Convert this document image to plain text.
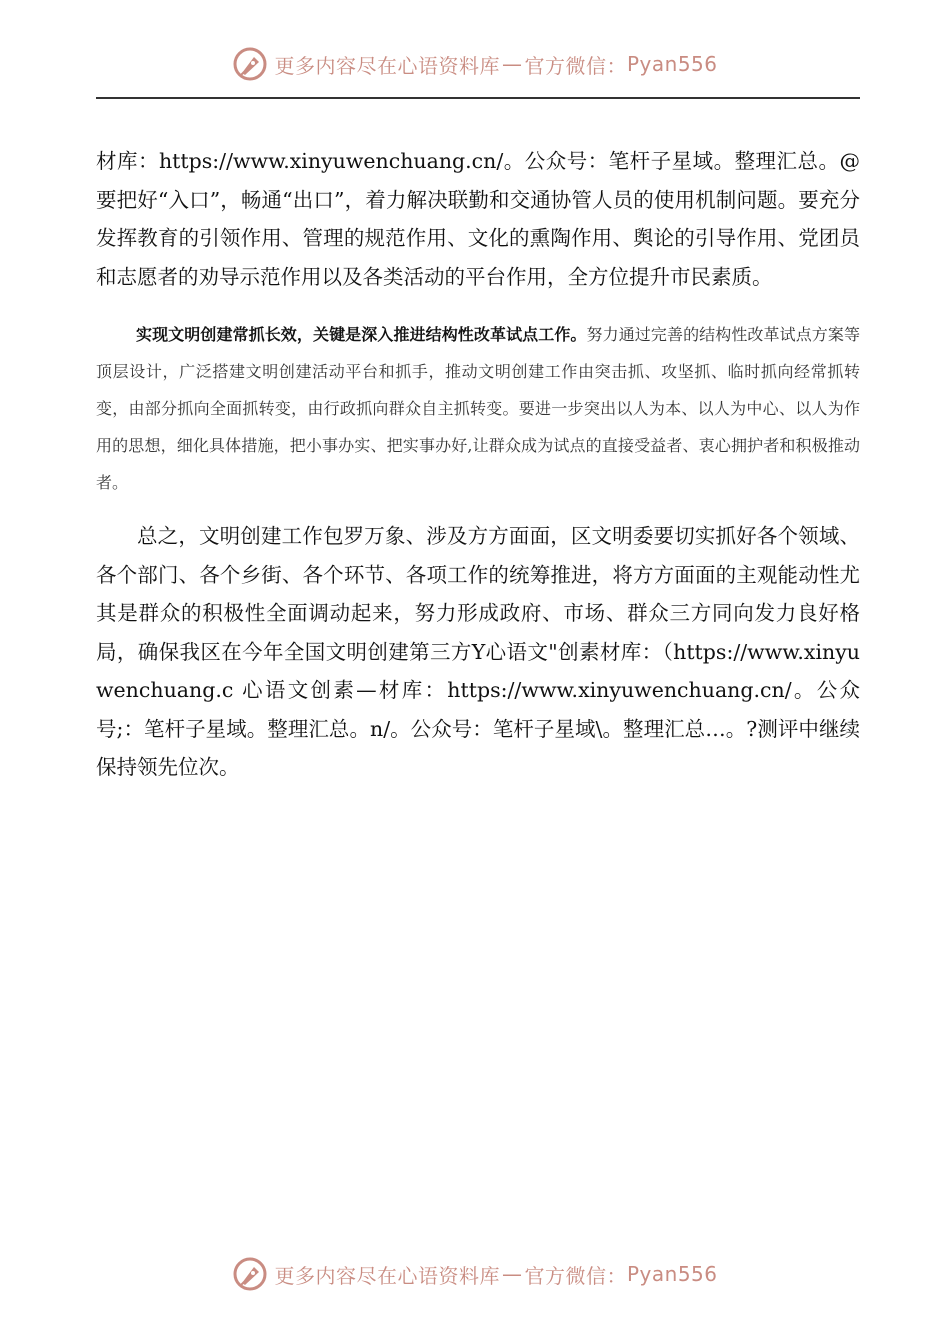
更多内容尽在心语资料库 — 官方微信： Pyan556

材库：https://www.xinyuwenchuang.cn/。公众号：笔杆子星域。整理汇总。@要把好“入口”，畅通“出口”，着力解决联勤和交通协管人员的使用机制问题。要充分发挥教育的引领作用、管理的规范作用、文化的熏陶作用、舆论的引导作用、党团员和志愿者的劝导示范作用以及各类活动的平台作用，全方位提升市民素质。

实现文明创建常抓长效，关键是深入推进结构性改革试点工作。努力通过完善的结构性改革试点方案等顶层设计，广泛搭建文明创建活动平台和抓手，推动文明创建工作由突击抓、攻坚抓、临时抓向经常抓转变，由部分抓向全面抓转变，由行政抓向群众自主抓转变。要进一步突出以人为本、以人为中心、以人为作用的思想，细化具体措施，把小事办实、把实事办好,让群众成为试点的直接受益者、衷心拥护者和积极推动者。

总之，文明创建工作包罗万象、涉及方方面面，区文明委要切实抓好各个领域、各个部门、各个乡街、各个环节、各项工作的统筹推进，将方方面面的主观能动性尤其是群众的积极性全面调动起来，努力形成政府、市场、群众三方同向发力良好格局，确保我区在今年全国文明创建第三方Y心语文"创素材库：（https://www.xinyuwenchuang.c 心语文创素—材库：https://www.xinyuwenchuang.cn/。公众号;：笔杆子星域。整理汇总。n/。公众号：笔杆子星域\。整理汇总…。?测评中继续保持领先位次。

更多内容尽在心语资料库 — 官方微信： Pyan556
